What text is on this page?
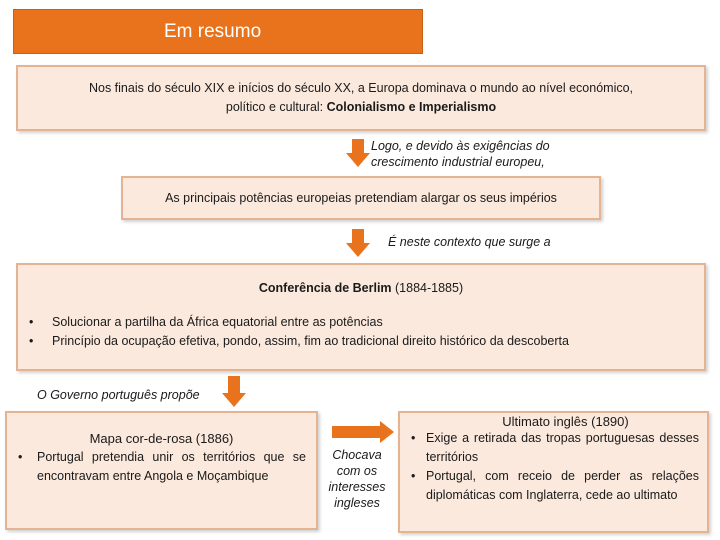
Em resumo
Nos finais do século XIX e inícios do século XX, a Europa dominava o mundo ao nível económico,
político e cultural: Colonialismo e Imperialismo
Logo, e devido às exigências do
crescimento industrial europeu,
As principais potências europeias pretendiam alargar os seus impérios
É neste contexto que surge a
Conferência de Berlim (1884-1885)
• Solucionar a partilha da África equatorial entre as potências
• Princípio da ocupação efetiva, pondo, assim, fim ao tradicional direito histórico da descoberta
O Governo português propõe
Mapa cor-de-rosa (1886)
• Portugal pretendia unir os territórios que se encontravam entre Angola e Moçambique
Chocava
com os
interesses
ingleses
Ultimato inglês (1890)
• Exige a retirada das tropas portuguesas desses territórios
• Portugal, com receio de perder as relações diplomáticas com Inglaterra, cede ao ultimato
